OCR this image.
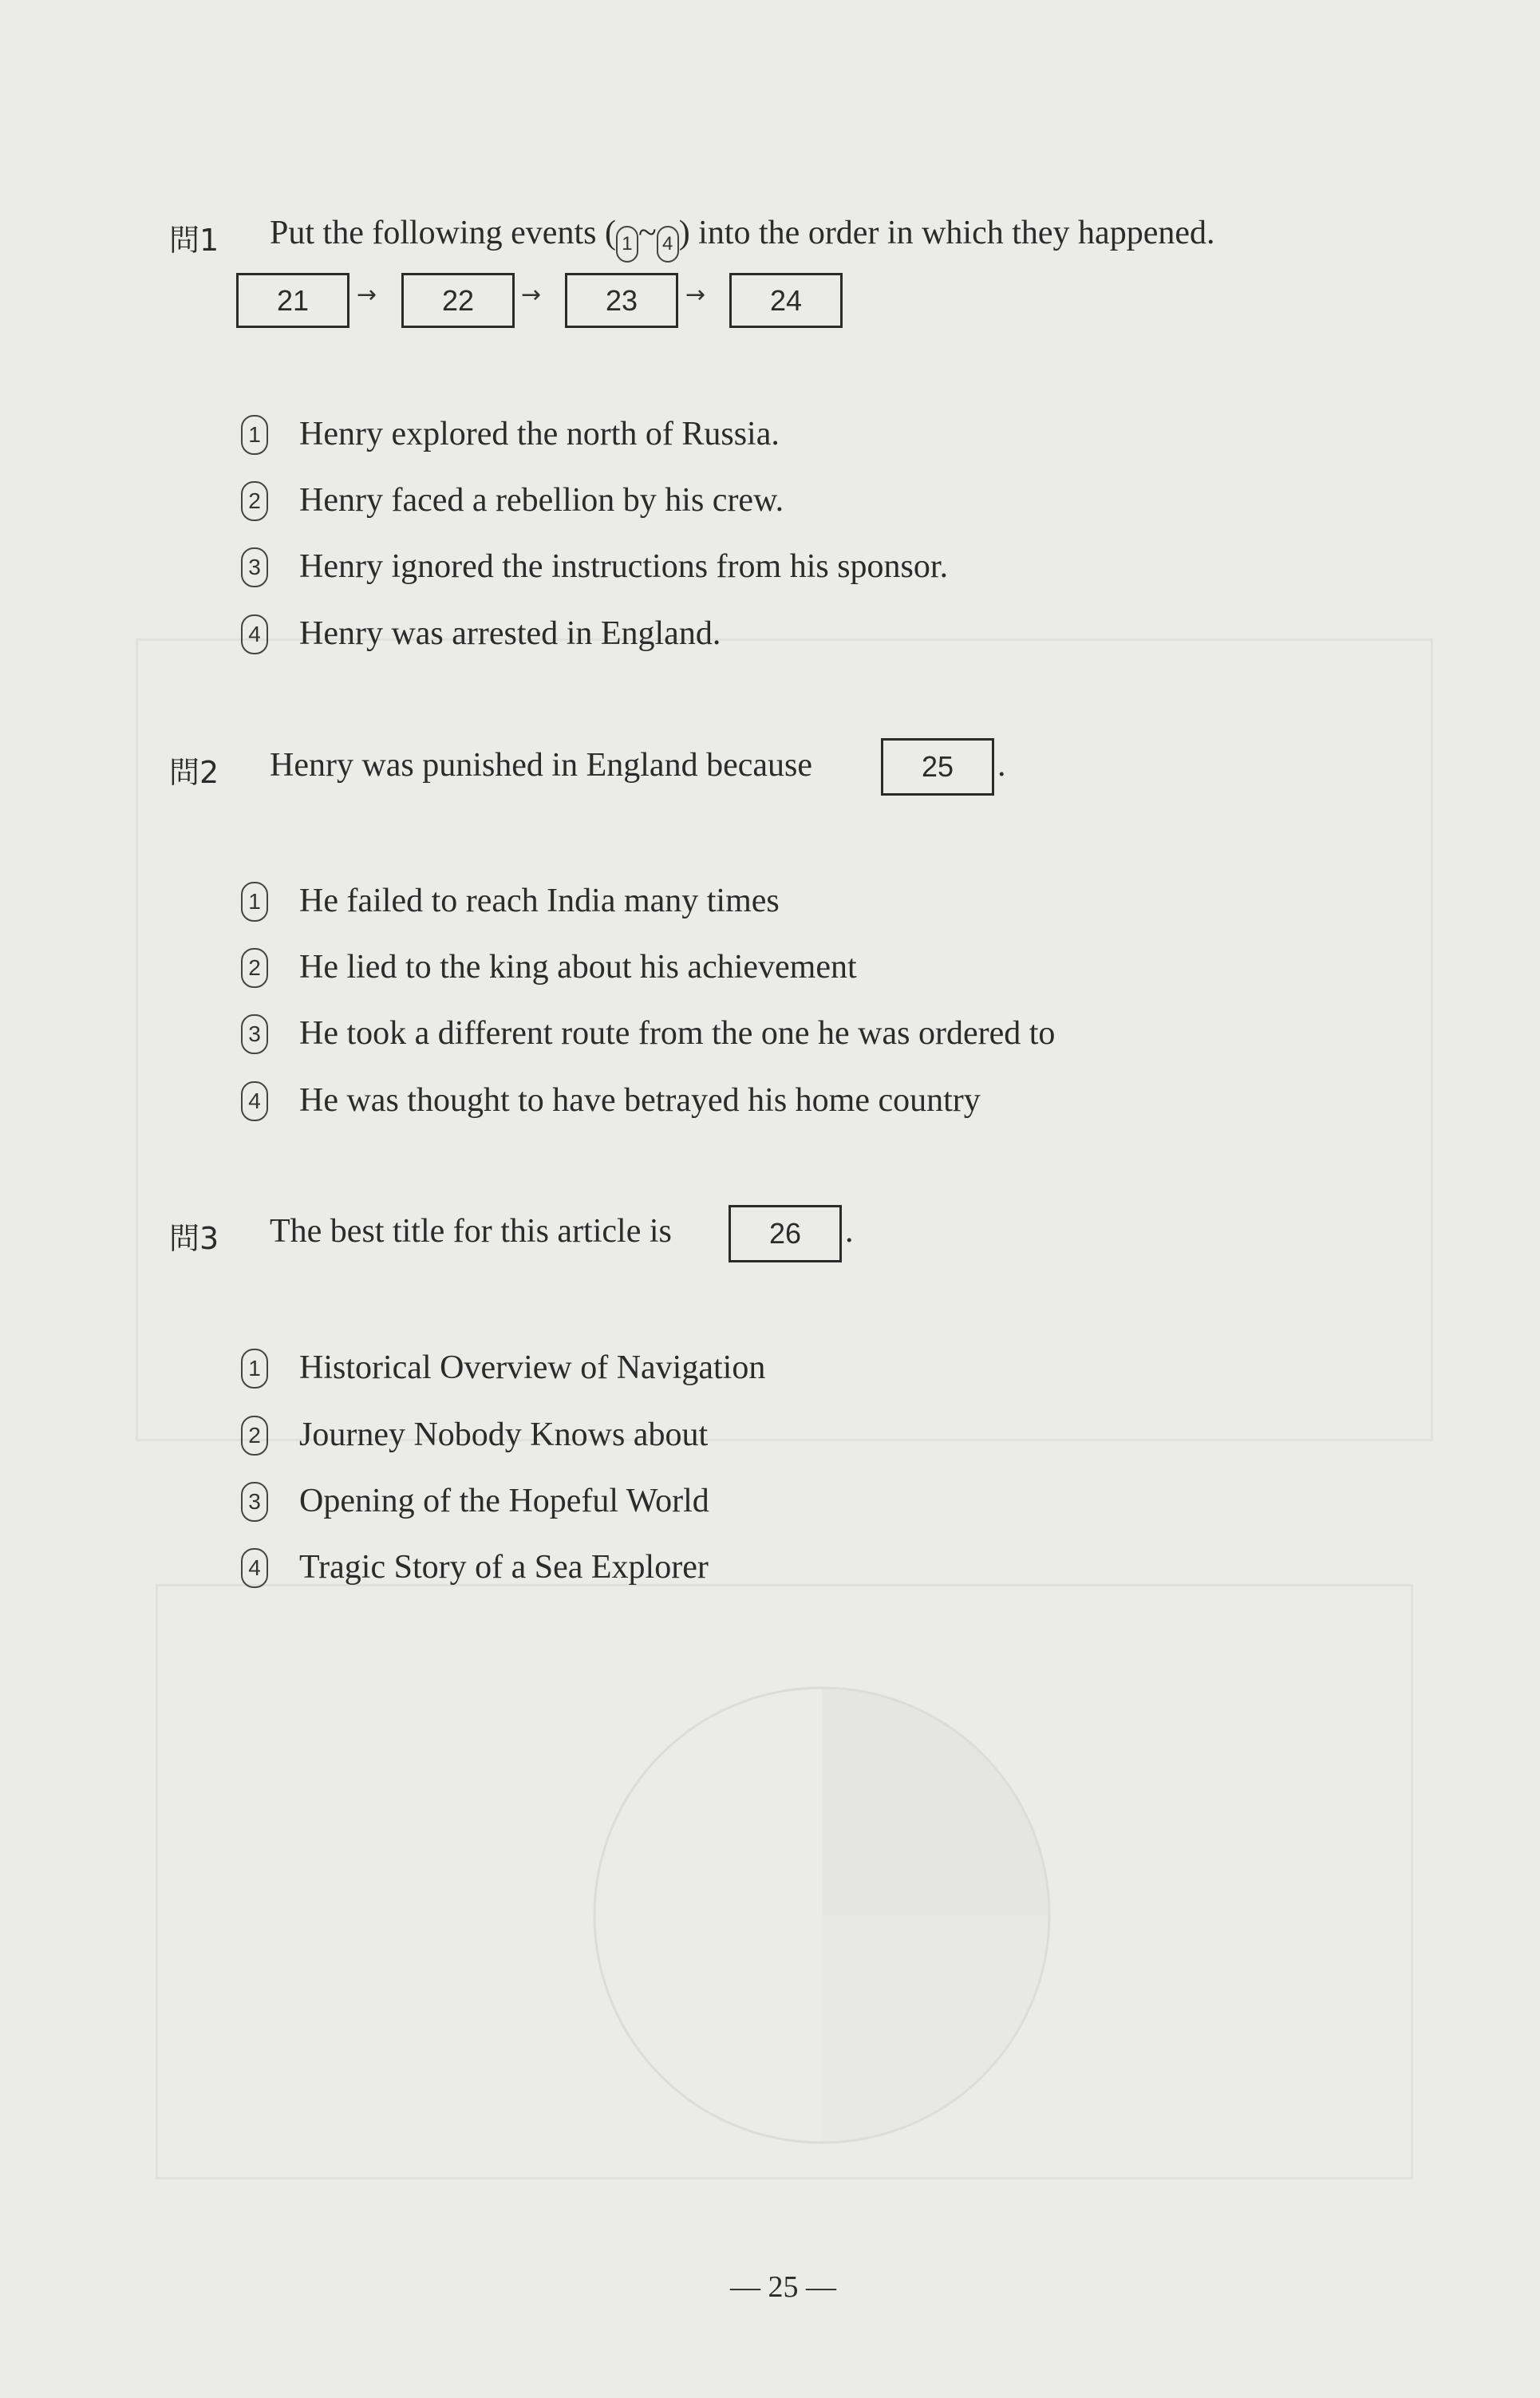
問1 Put the following events ( 1 ~ 4 ) into the order in which they happened.
21	→	22	→	23	→	24
1 Henry explored the north of Russia.
2 Henry faced a rebellion by his crew.
3 Henry ignored the instructions from his sponsor.
4 Henry was arrested in England.
問2 Henry was punished in England because	25	.
1 He failed to reach India many times
2 He lied to the king about his achievement
3 He took a different route from the one he was ordered to
4 He was thought to have betrayed his home country
問3 The best title for this article is	26	.
1 Historical Overview of Navigation
2 Journey Nobody Knows about
3 Opening of the Hopeful World
4 Tragic Story of a Sea Explorer
— 25 —
